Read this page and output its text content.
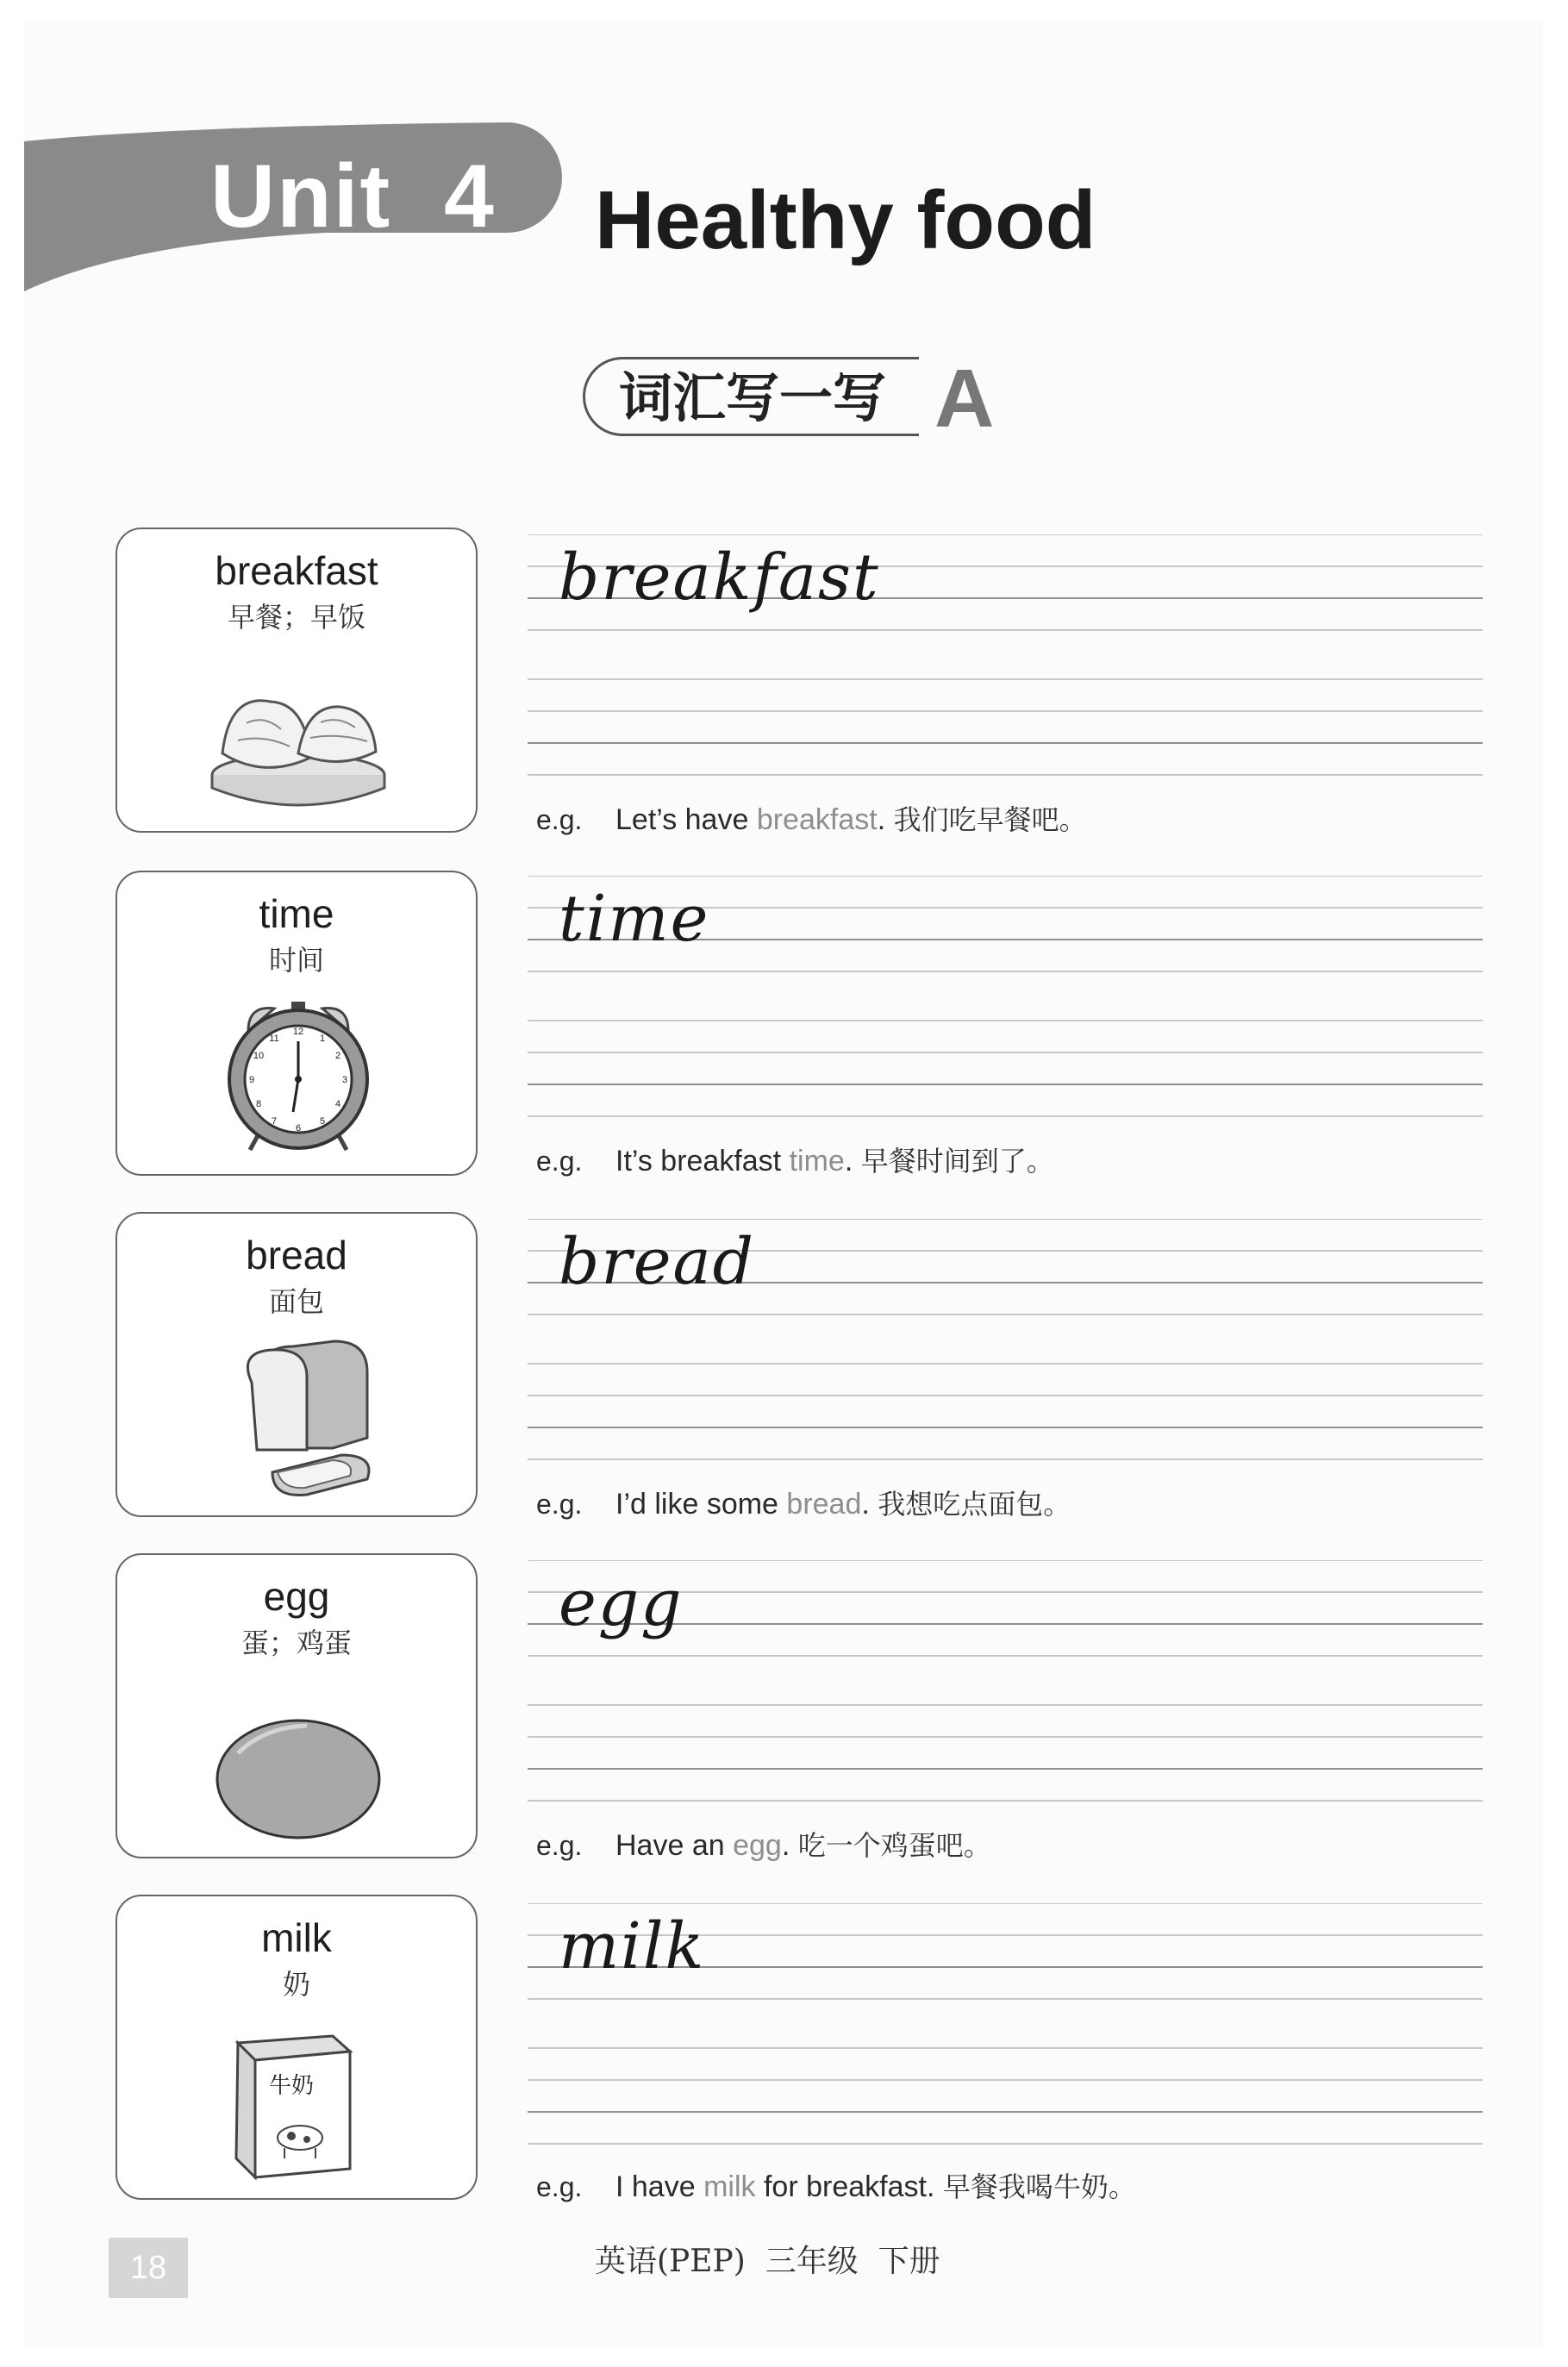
Unit 4	Healthy food
词汇写一写 A
breakfast
早餐；早饭
breakfast
e.g. Let’s have breakfast. 我们吃早餐吧。
time
时间
12
1
2
3
4
5
6
7
8
9
10
11
time
e.g. It’s breakfast time. 早餐时间到了。
bread
面包
bread
e.g. I’d like some bread. 我想吃点面包。
egg
蛋；鸡蛋
egg
e.g. Have an egg. 吃一个鸡蛋吧。
milk
奶
牛奶
milk
e.g. I have milk for breakfast. 早餐我喝牛奶。
18	英语(PEP)  三年级  下册
